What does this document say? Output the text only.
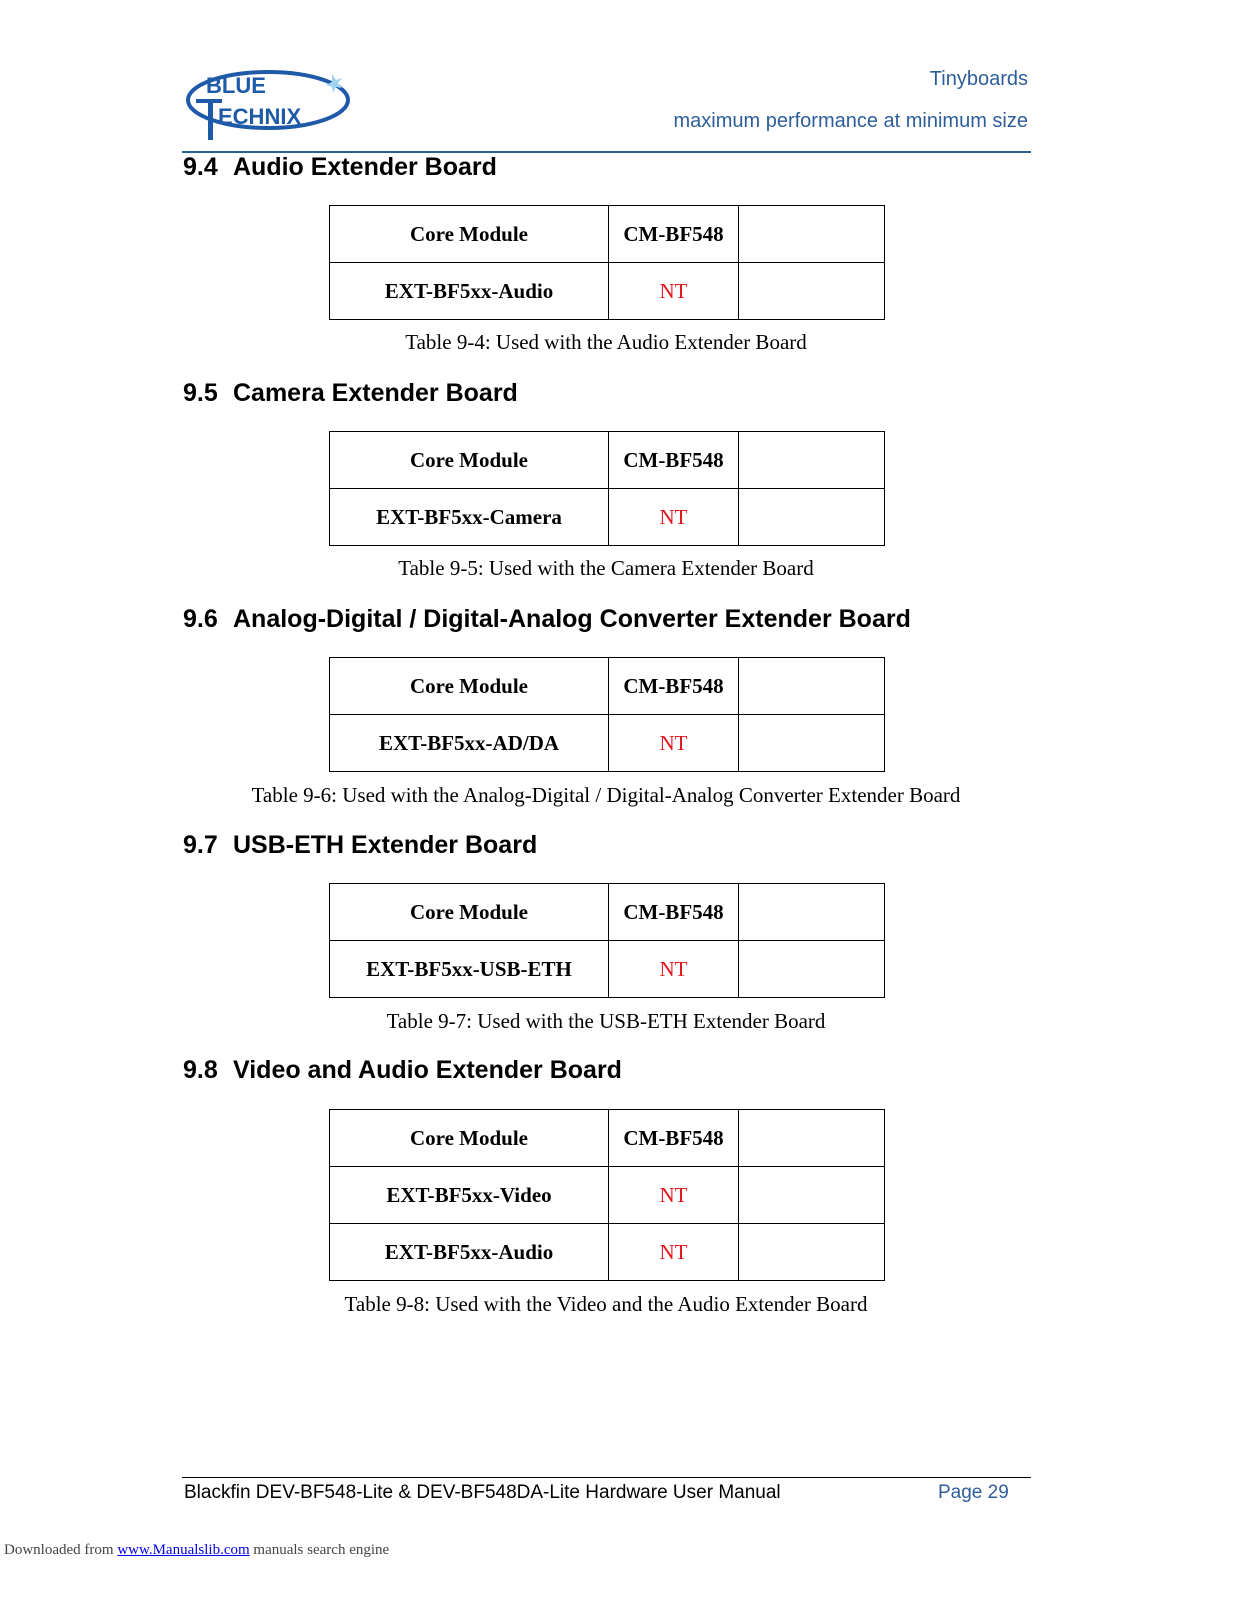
BLUE
ECHNIX
Tinyboards
maximum performance at minimum size
9.4 Audio Extender Board
Core Module	CM-BF548	
EXT-BF5xx-Audio	NT	
Table 9-4: Used with the Audio Extender Board
9.5 Camera Extender Board
Core Module	CM-BF548	
EXT-BF5xx-Camera	NT	
Table 9-5: Used with the Camera Extender Board
9.6 Analog-Digital / Digital-Analog Converter Extender Board
Core Module	CM-BF548	
EXT-BF5xx-AD/DA	NT	
Table 9-6: Used with the Analog-Digital / Digital-Analog Converter Extender Board
9.7 USB-ETH Extender Board
Core Module	CM-BF548	
EXT-BF5xx-USB-ETH	NT	
Table 9-7: Used with the USB-ETH Extender Board
9.8 Video and Audio Extender Board
Core Module	CM-BF548	
EXT-BF5xx-Video	NT	
EXT-BF5xx-Audio	NT	
Table 9-8: Used with the Video and the Audio Extender Board
Blackfin DEV-BF548-Lite & DEV-BF548DA-Lite Hardware User Manual	Page 29
Downloaded from www.Manualslib.com manuals search engine
